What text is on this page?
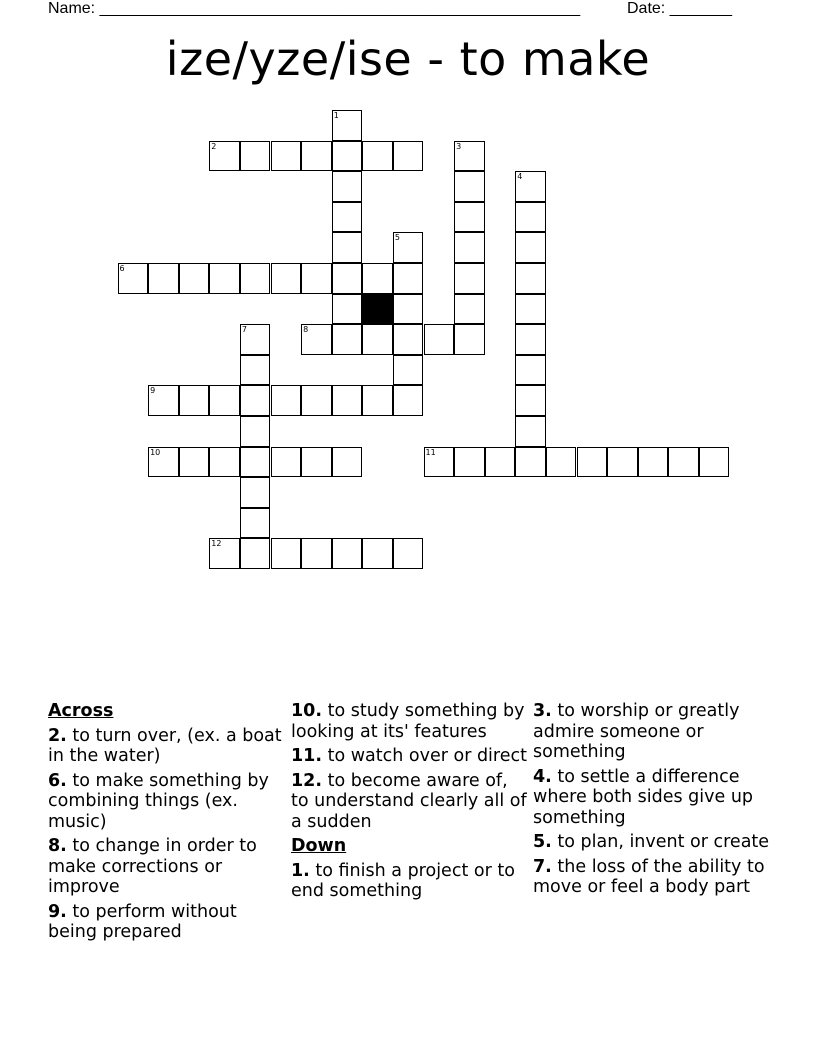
Name: ______________________________________________________	Date: _______
ize/yze/ise - to make
1
2	3
4
5
6
7	8
9
10	11
12
Across
2. to turn over, (ex. a boat in the water)
6. to make something by combining things (ex. music)
8. to change in order to make corrections or improve
9. to perform without being prepared
10. to study something by looking at its' features
11. to watch over or direct
12. to become aware of, to understand clearly all of a sudden
Down
1. to finish a project or to end something
3. to worship or greatly admire someone or something
4. to settle a difference where both sides give up something
5. to plan, invent or create
7. the loss of the ability to move or feel a body part
